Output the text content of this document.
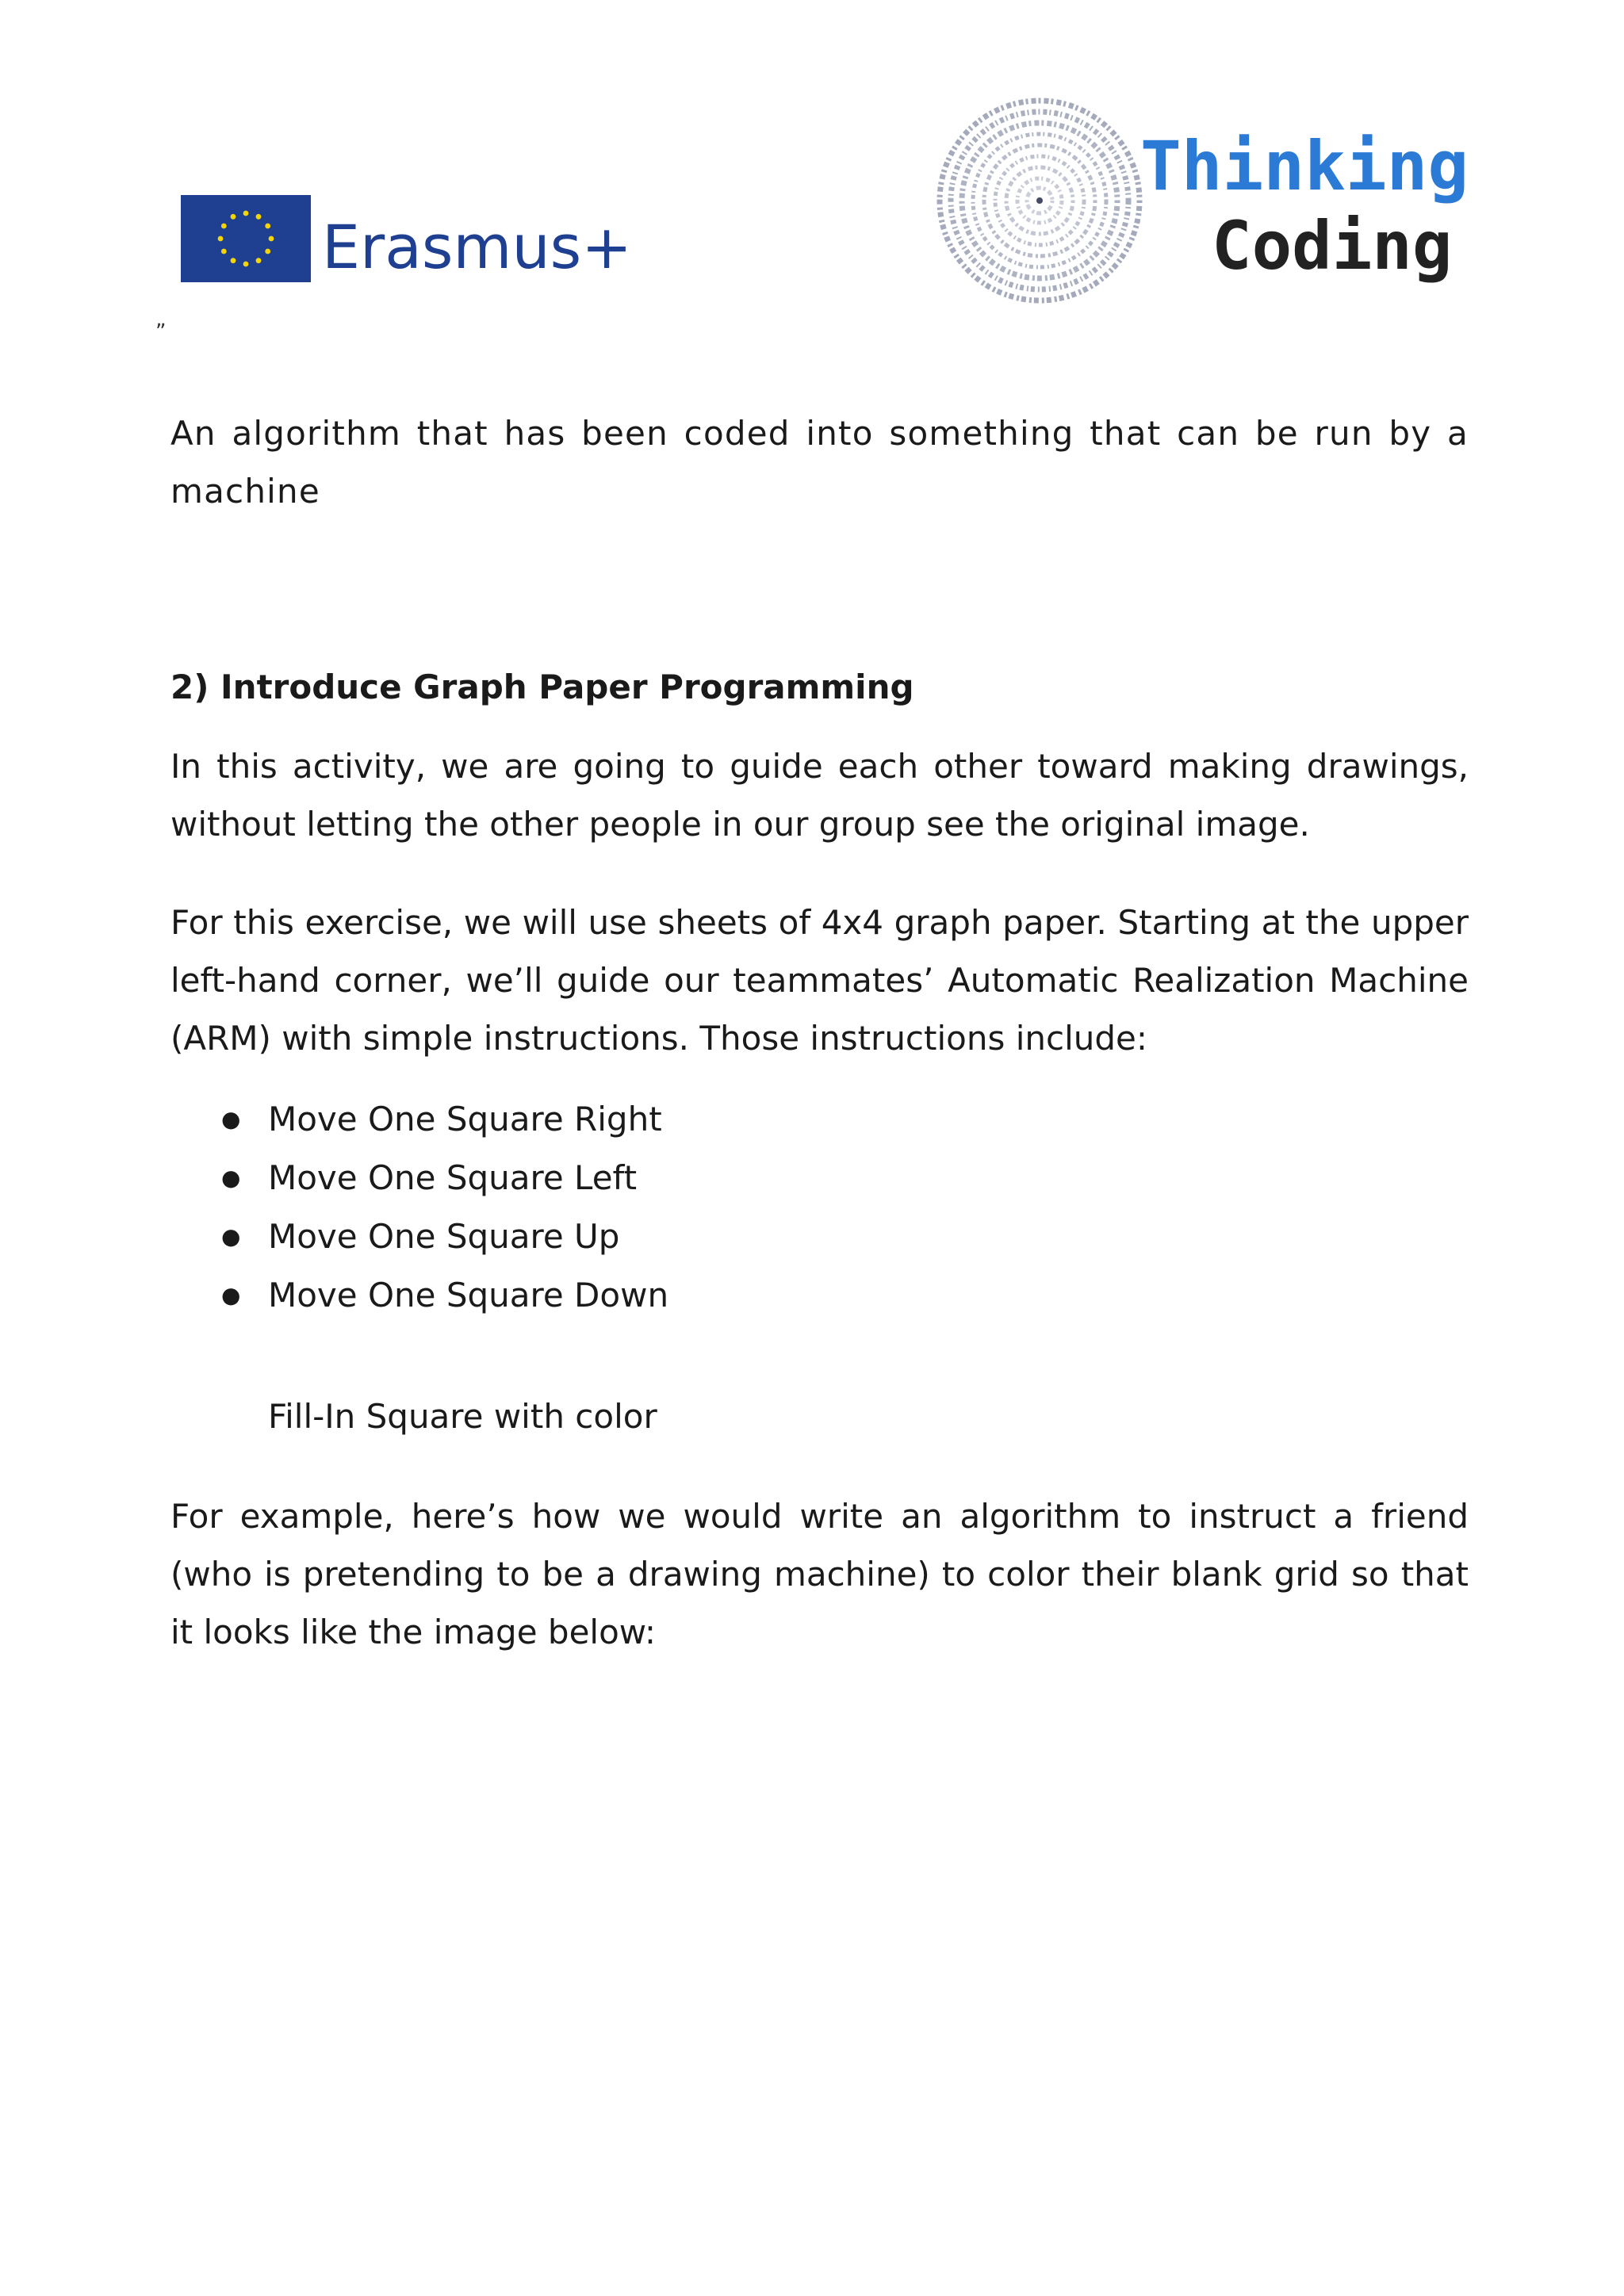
Erasmus+
Thinking
Coding
„

An algorithm that has been coded into something that can be run by a machine

2) Introduce Graph Paper Programming

In this activity, we are going to guide each other toward making drawings, without letting the other people in our group see the original image.

For this exercise, we will use sheets of 4x4 graph paper. Starting at the upper left-hand corner, we’ll guide our teammates’ Automatic Realization Machine (ARM) with simple instructions. Those instructions include:

● Move One Square Right
● Move One Square Left
● Move One Square Up
● Move One Square Down

Fill-In Square with color

For example, here’s how we would write an algorithm to instruct a friend (who is pretending to be a drawing machine) to color their blank grid so that it looks like the image below:
